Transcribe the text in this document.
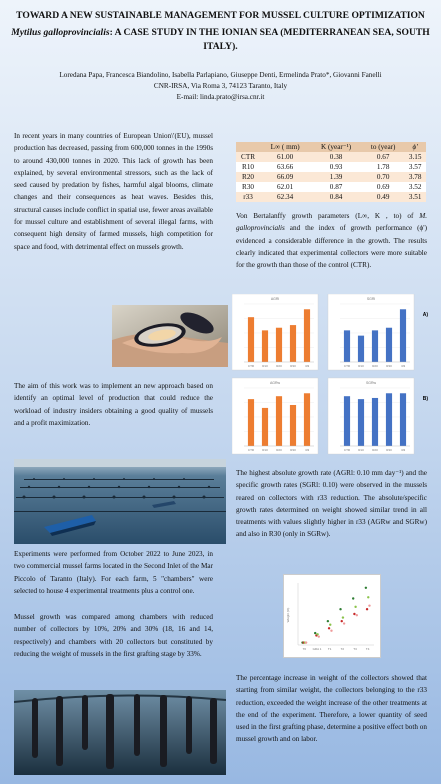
TOWARD A NEW SUSTAINABLE MANAGEMENT FOR MUSSEL CULTURE OPTIMIZATION
Mytilus galloprovincialis: A CASE STUDY IN THE IONIAN SEA (MEDITERRANEAN SEA, SOUTH ITALY).
Loredana Papa, Francesca Biandolino, Isabella Parlapiano, Giuseppe Denti, Ermelinda Prato*, Giovanni Fanelli
CNR-IRSA, Via Roma 3, 74123 Taranto, Italy
E-mail: linda.prato@irsa.cnr.it
In recent years in many countries of European Union\'(EU), mussel production has decreased, passing from 600,000 tonnes in the 1990s to around 430,000 tonnes in 2020. This lack of growth has been explained, by several environmental stressors, such as the lack of seed caused by predation by fishes, harmful algal blooms, climate changes and their consequences as heat waves. Besides this, structural causes include conflict in spatial use, fewer areas available for mussel culture and establishment of several illegal farms, with consequent high density of farmed mussels, high competition for space and food, with detrimental effect on mussels growth.
The aim of this work was to implement an new approach based on identify an optimal level of production that could reduce the workload of industry insiders obtaining a good quality of mussels and a profit maximization.
Experiments were performed from October 2022 to June 2023, in two commercial mussel farms located in the Second Inlet of the Mar Piccolo of Taranto (Italy). For each farm, 5 "chambers" were selected to house 4 experimental treatments plus a control one.
Mussel growth was compared among chambers with reduced number of collectors by 10%, 20% and 30% (18, 16 and 14, respectively) and chambers with 20 collectors but constituted by reducing the weight of mussels in the first grafting stage by 33%.
	L∞ ( mm)	K (year⁻¹)	to (year)	ϕ'
CTR	61.00	0.38	0.67	3.15
R10	63.66	0.93	1.78	3.57
R20	66.09	1.39	0.70	3.78
R30	62.01	0.87	0.69	3.52
r33	62.34	0.84	0.49	3.51
Von Bertalanffy growth parameters (L∞, K , to) of M. galloprovincialis and the index of growth performance (ϕ') evidenced a considerable difference in the growth. The results clearly indicated that experimental collectors were more suitable for the growth than those of the control (CTR).
AGRl
CTR	R10	R20	R30	r33
A)
SGRl
CTR	R10	R20	R30	r33
AGRw
CTR	R10	R20	R30	r33
B)
SGRw
CTR	R10	R20	R30	r33
The highest absolute growth rate (AGRl: 0.10 mm day⁻¹) and the specific growth rates (SGRl: 0.10) were observed in the mussels reared on collectors with r33 reduction. The absolute/specific growth rates determined on weight showed similar trend in all treatments with values slightly higher in r33 (AGRw and SGRw) and also in R30 (only in SGRw).
Weight (%)
T0 GRA 1 T1	T2	T3	T4
The percentage increase in weight of the collectors showed that starting from similar weight, the collectors belonging to the r33 reduction, exceeded the weight increase of the other treatments at the end of the experiment. Therefore, a lower quantity of seed used in the first grafting phase, determine a positive effect both on mussel growth and on labor.
